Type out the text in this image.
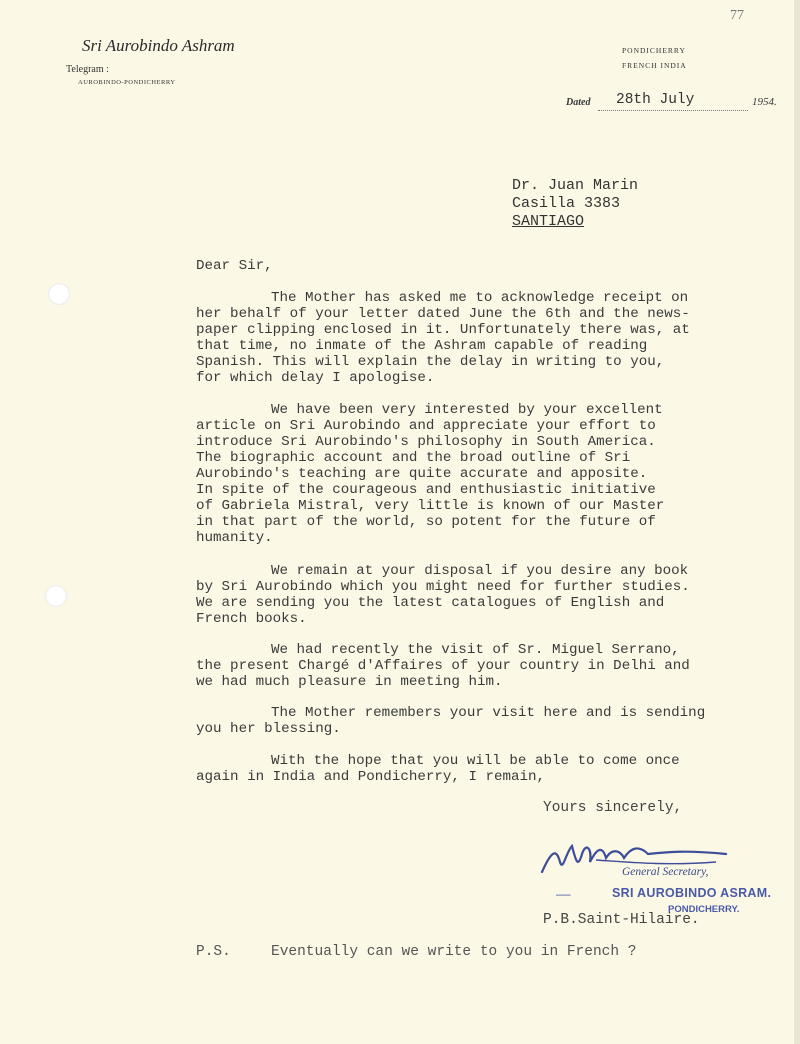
77
Sri Aurobindo Ashram
Telegram :
AUROBINDO-PONDICHERRY
PONDICHERRY
FRENCH INDIA
Dated 28th July	1954.
Dr. Juan Marin
Casilla 3383
SANTIAGO
Dear Sir,
The Mother has asked me to acknowledge receipt on
her behalf of your letter dated June the 6th and the news-
paper clipping enclosed in it. Unfortunately there was, at
that time, no inmate of the Ashram capable of reading
Spanish. This will explain the delay in writing to you,
for which delay I apologise.
We have been very interested by your excellent
article on Sri Aurobindo and appreciate your effort to
introduce Sri Aurobindo's philosophy in South America.
The biographic account and the broad outline of Sri
Aurobindo's teaching are quite accurate and apposite.
In spite of the courageous and enthusiastic initiative
of Gabriela Mistral, very little is known of our Master
in that part of the world, so potent for the future of
humanity.
We remain at your disposal if you desire any book
by Sri Aurobindo which you might need for further studies.
We are sending you the latest catalogues of English and
French books.
We had recently the visit of Sr. Miguel Serrano,
the present Chargé d'Affaires of your country in Delhi and
we had much pleasure in meeting him.
The Mother remembers your visit here and is sending
you her blessing.
With the hope that you will be able to come once
again in India and Pondicherry, I remain,
Yours sincerely,
General Secretary,
——	SRI AUROBINDO ASRAM.
PONDICHERRY.
P.B.Saint-Hilaire.
P.S.	Eventually can we write to you in French ?
